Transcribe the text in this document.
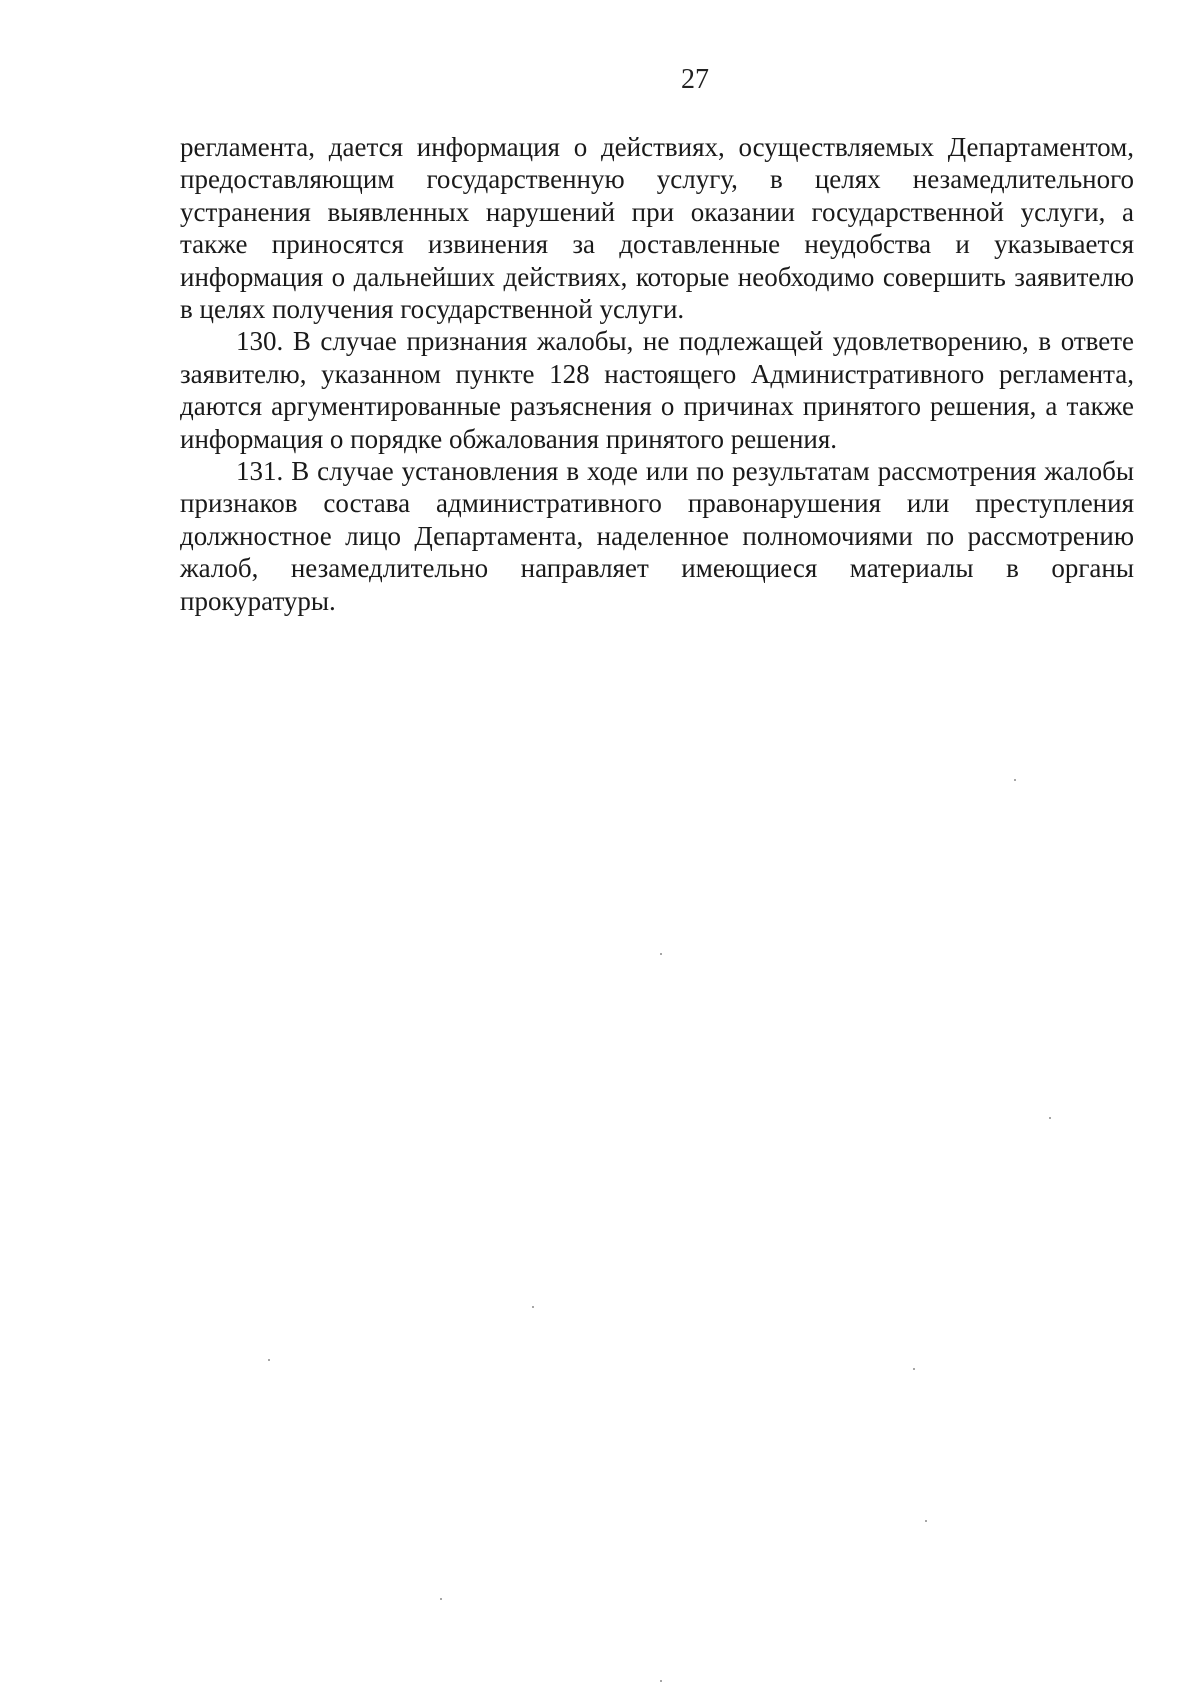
27

регламента, дается информация о действиях, осуществляемых Департаментом, предоставляющим государственную услугу, в целях незамедлительного устранения выявленных нарушений при оказании государственной услуги, а также приносятся извинения за доставленные неудобства и указывается информация о дальнейших действиях, которые необходимо совершить заявителю в целях получения государственной услуги.

130. В случае признания жалобы, не подлежащей удовлетворению, в ответе заявителю, указанном пункте 128 настоящего Административного регламента, даются аргументированные разъяснения о причинах принятого решения, а также информация о порядке обжалования принятого решения.

131. В случае установления в ходе или по результатам рассмотрения жалобы признаков состава административного правонарушения или преступления должностное лицо Департамента, наделенное полномочиями по рассмотрению жалоб, незамедлительно направляет имеющиеся материалы в органы прокуратуры.
